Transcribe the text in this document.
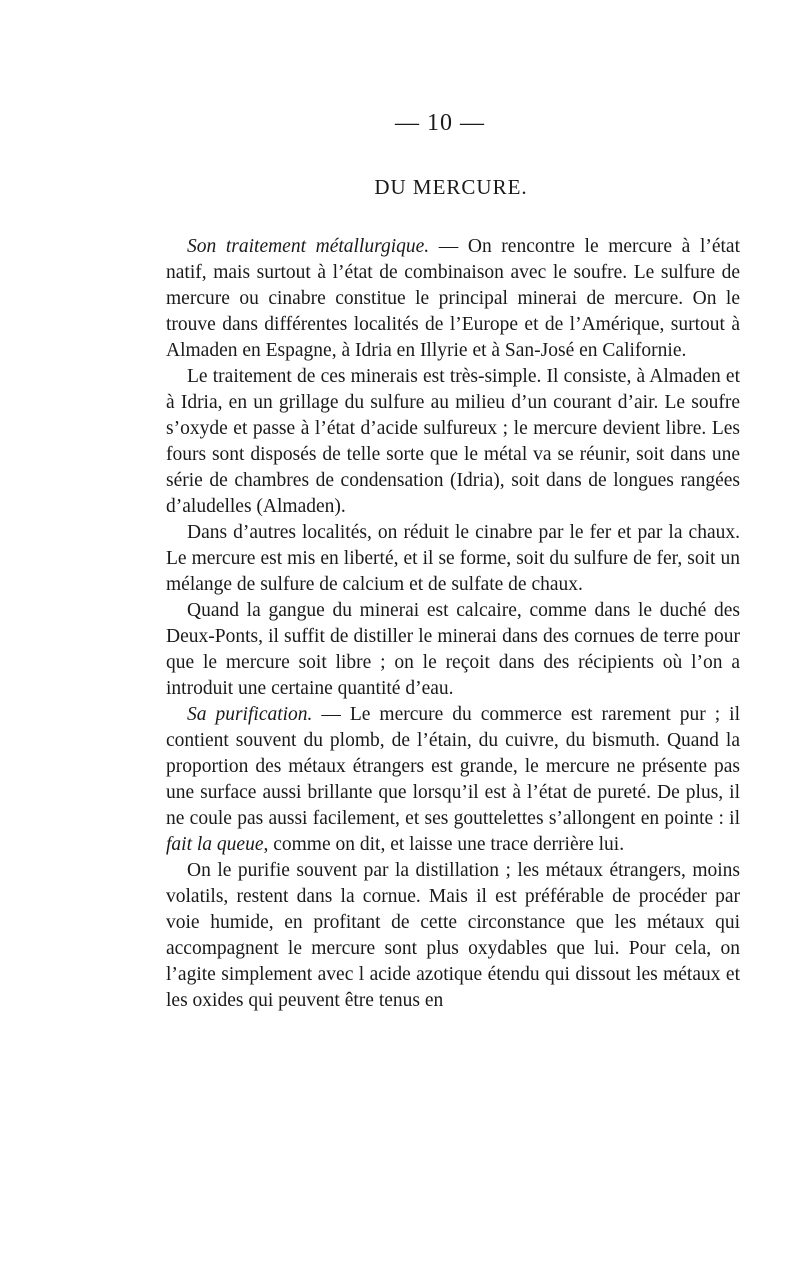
— 10 —
DU MERCURE.

Son traitement métallurgique. — On rencontre le mercure à l’état natif, mais surtout à l’état de combinaison avec le soufre. Le sulfure de mercure ou cinabre constitue le principal minerai de mercure. On le trouve dans différentes localités de l’Europe et de l’Amérique, surtout à Almaden en Espagne, à Idria en Illyrie et à San-José en Californie.

Le traitement de ces minerais est très-simple. Il consiste, à Almaden et à Idria, en un grillage du sulfure au milieu d’un courant d’air. Le soufre s’oxyde et passe à l’état d’acide sulfureux ; le mercure devient libre. Les fours sont disposés de telle sorte que le métal va se réunir, soit dans une série de chambres de condensation (Idria), soit dans de longues rangées d’aludelles (Almaden).

Dans d’autres localités, on réduit le cinabre par le fer et par la chaux. Le mercure est mis en liberté, et il se forme, soit du sulfure de fer, soit un mélange de sulfure de calcium et de sulfate de chaux.

Quand la gangue du minerai est calcaire, comme dans le duché des Deux-Ponts, il suffit de distiller le minerai dans des cornues de terre pour que le mercure soit libre ; on le reçoit dans des récipients où l’on a introduit une certaine quantité d’eau.

Sa purification. — Le mercure du commerce est rarement pur ; il contient souvent du plomb, de l’étain, du cuivre, du bismuth. Quand la proportion des métaux étrangers est grande, le mercure ne présente pas une surface aussi brillante que lorsqu’il est à l’état de pureté. De plus, il ne coule pas aussi facilement, et ses gouttelettes s’allongent en pointe : il fait la queue, comme on dit, et laisse une trace derrière lui.

On le purifie souvent par la distillation ; les métaux étrangers, moins volatils, restent dans la cornue. Mais il est préférable de procéder par voie humide, en profitant de cette circonstance que les métaux qui accompagnent le mercure sont plus oxydables que lui. Pour cela, on l’agite simplement avec l acide azotique étendu qui dissout les métaux et les oxides qui peuvent être tenus en
